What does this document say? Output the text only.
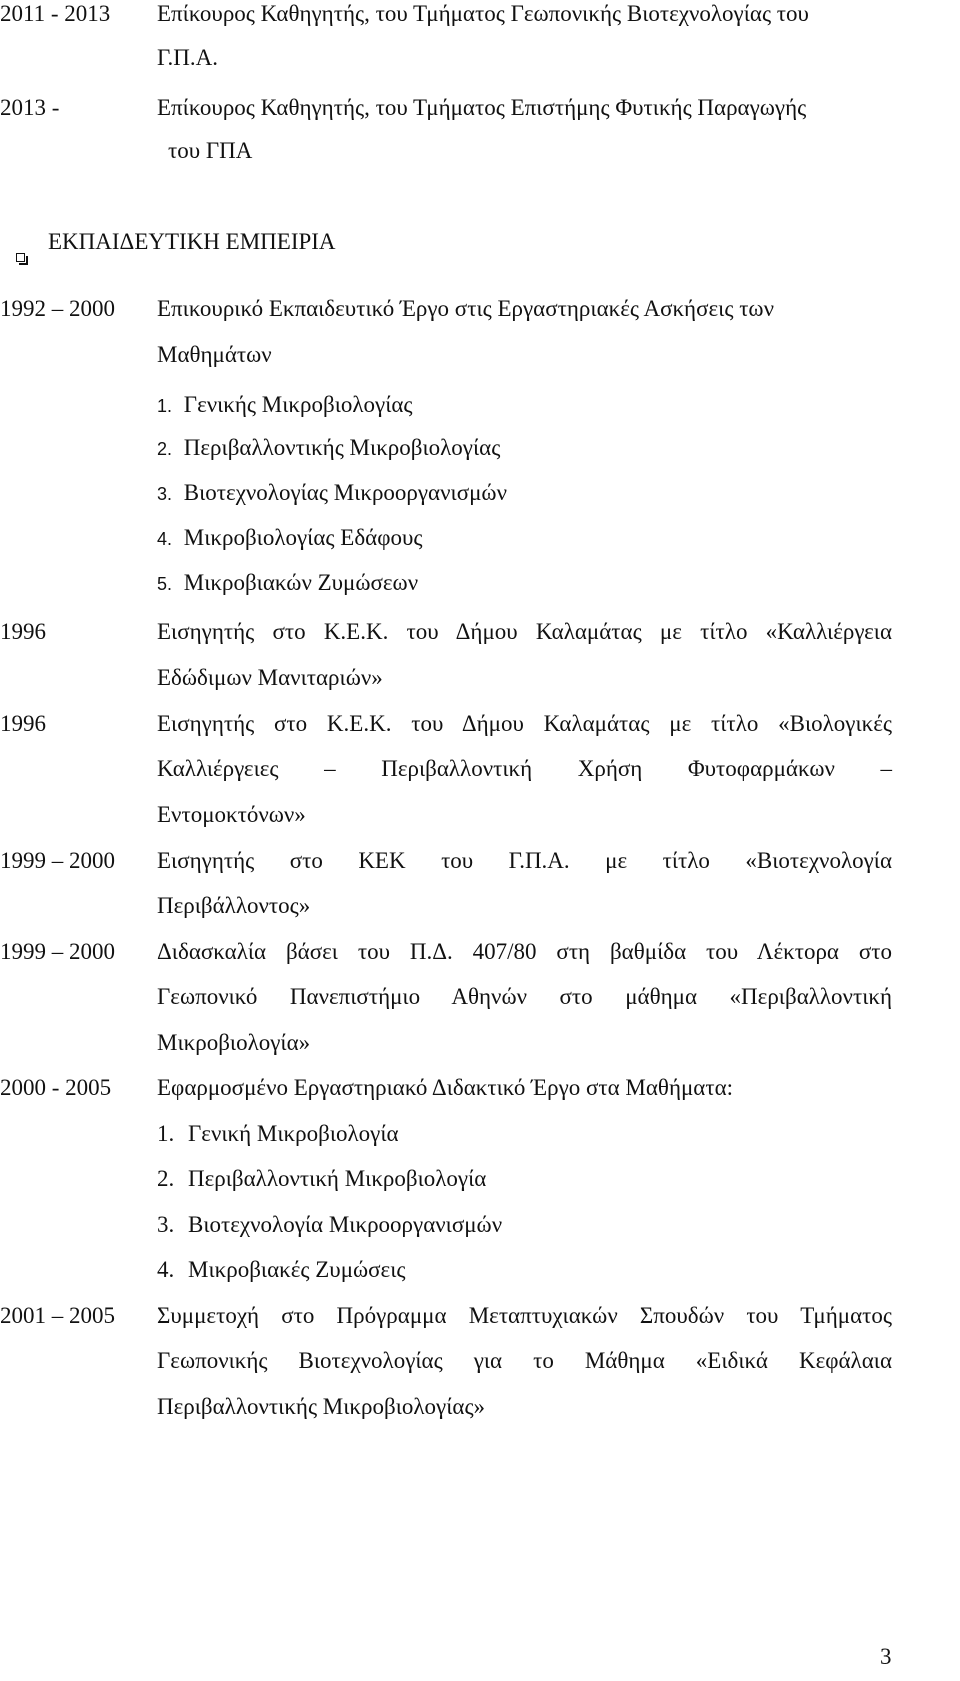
2011 - 2013 Επίκουρος Καθηγητής, του Τμήματος Γεωπονικής Βιοτεχνολογίας του
Γ.Π.Α.
2013 -	Επίκουρος Καθηγητής, του Τμήματος Επιστήμης Φυτικής Παραγωγής
του ΓΠΑ
ΕΚΠΑΙΔΕΥΤΙΚΗ ΕΜΠΕΙΡΙΑ
1992 – 2000 Επικουρικό Εκπαιδευτικό Έργο στις Εργαστηριακές Ασκήσεις των
Μαθημάτων
1. Γενικής Μικροβιολογίας
2. Περιβαλλοντικής Μικροβιολογίας
3. Βιοτεχνολογίας Μικροοργανισμών
4. Μικροβιολογίας Εδάφους
5. Μικροβιακών Ζυμώσεων
1996	Εισηγητής στο Κ.Ε.Κ. του Δήμου Καλαμάτας με τίτλο «Καλλιέργεια
Εδώδιμων Μανιταριών»
1996	Εισηγητής στο Κ.Ε.Κ. του Δήμου Καλαμάτας με τίτλο «Βιολογικές
Καλλιέργειες – Περιβαλλοντική Χρήση Φυτοφαρμάκων –
Εντομοκτόνων»
1999 – 2000 Εισηγητής στο ΚΕΚ του Γ.Π.Α. με τίτλο «Βιοτεχνολογία
Περιβάλλοντος»
1999 – 2000 Διδασκαλία βάσει του Π.Δ. 407/80 στη βαθμίδα του Λέκτορα στο
Γεωπονικό Πανεπιστήμιο Αθηνών στο μάθημα «Περιβαλλοντική
Μικροβιολογία»
2000 - 2005 Εφαρμοσμένο Εργαστηριακό Διδακτικό Έργο στα Μαθήματα:
1. Γενική Μικροβιολογία
2. Περιβαλλοντική Μικροβιολογία
3. Βιοτεχνολογία Μικροοργανισμών
4. Μικροβιακές Ζυμώσεις
2001 – 2005 Συμμετοχή στο Πρόγραμμα Μεταπτυχιακών Σπουδών του Τμήματος
Γεωπονικής Βιοτεχνολογίας για το Μάθημα «Ειδικά Κεφάλαια
Περιβαλλοντικής Μικροβιολογίας»
3
